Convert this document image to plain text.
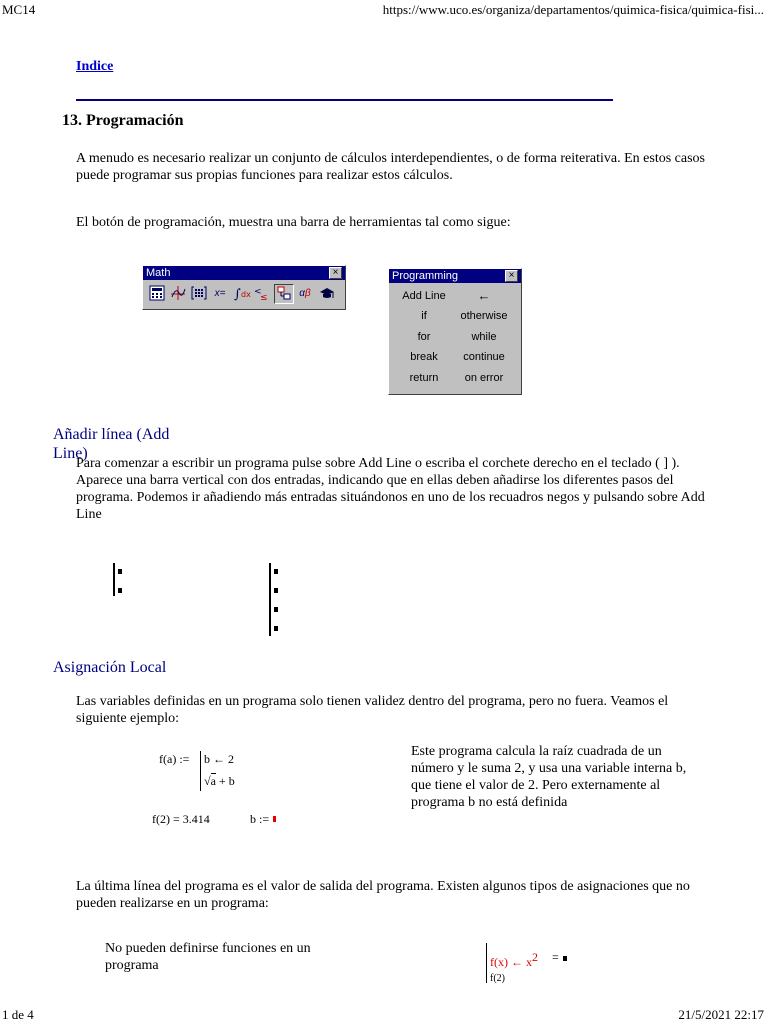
MC14	https://www.uco.es/organiza/departamentos/quimica-fisica/quimica-fisi...
1 de 4	21/5/2021 22:17
Indice
13. Programación
A menudo es necesario realizar un conjunto de cálculos interdependientes, o de forma reiterativa. En estos casos puede programar sus propias funciones para realizar estos cálculos.
El botón de programación, muestra una barra de herramientas tal como sigue:
Math	×
x= ∫ dx <
≤	αβ
Programming	×
Add Line	←
if	otherwise
for	while
break	continue
return	on error
Añadir línea (Add Line)
Para comenzar a escribir un programa pulse sobre Add Line o escriba el corchete derecho en el teclado ( ] ). Aparece una barra vertical con dos entradas, indicando que en ellas deben añadirse los diferentes pasos del programa. Podemos ir añadiendo más entradas situándonos en uno de los recuadros negos y pulsando sobre Add Line
Asignación Local
Las variables definidas en un programa solo tienen validez dentro del programa, pero no fuera. Veamos el siguiente ejemplo:
f(a) := b ← 2
√a + b
f(2) = 3.414	b :=
Este programa calcula la raíz cuadrada de un número y le suma 2, y usa una variable interna b, que tiene el valor de 2. Pero externamente al programa b no está definida
La última línea del programa es el valor de salida del programa. Existen algunos tipos de asignaciones que no pueden realizarse en un programa:
No pueden definirse funciones en un programa	f(x) ← $x^2$ =
f(2)
